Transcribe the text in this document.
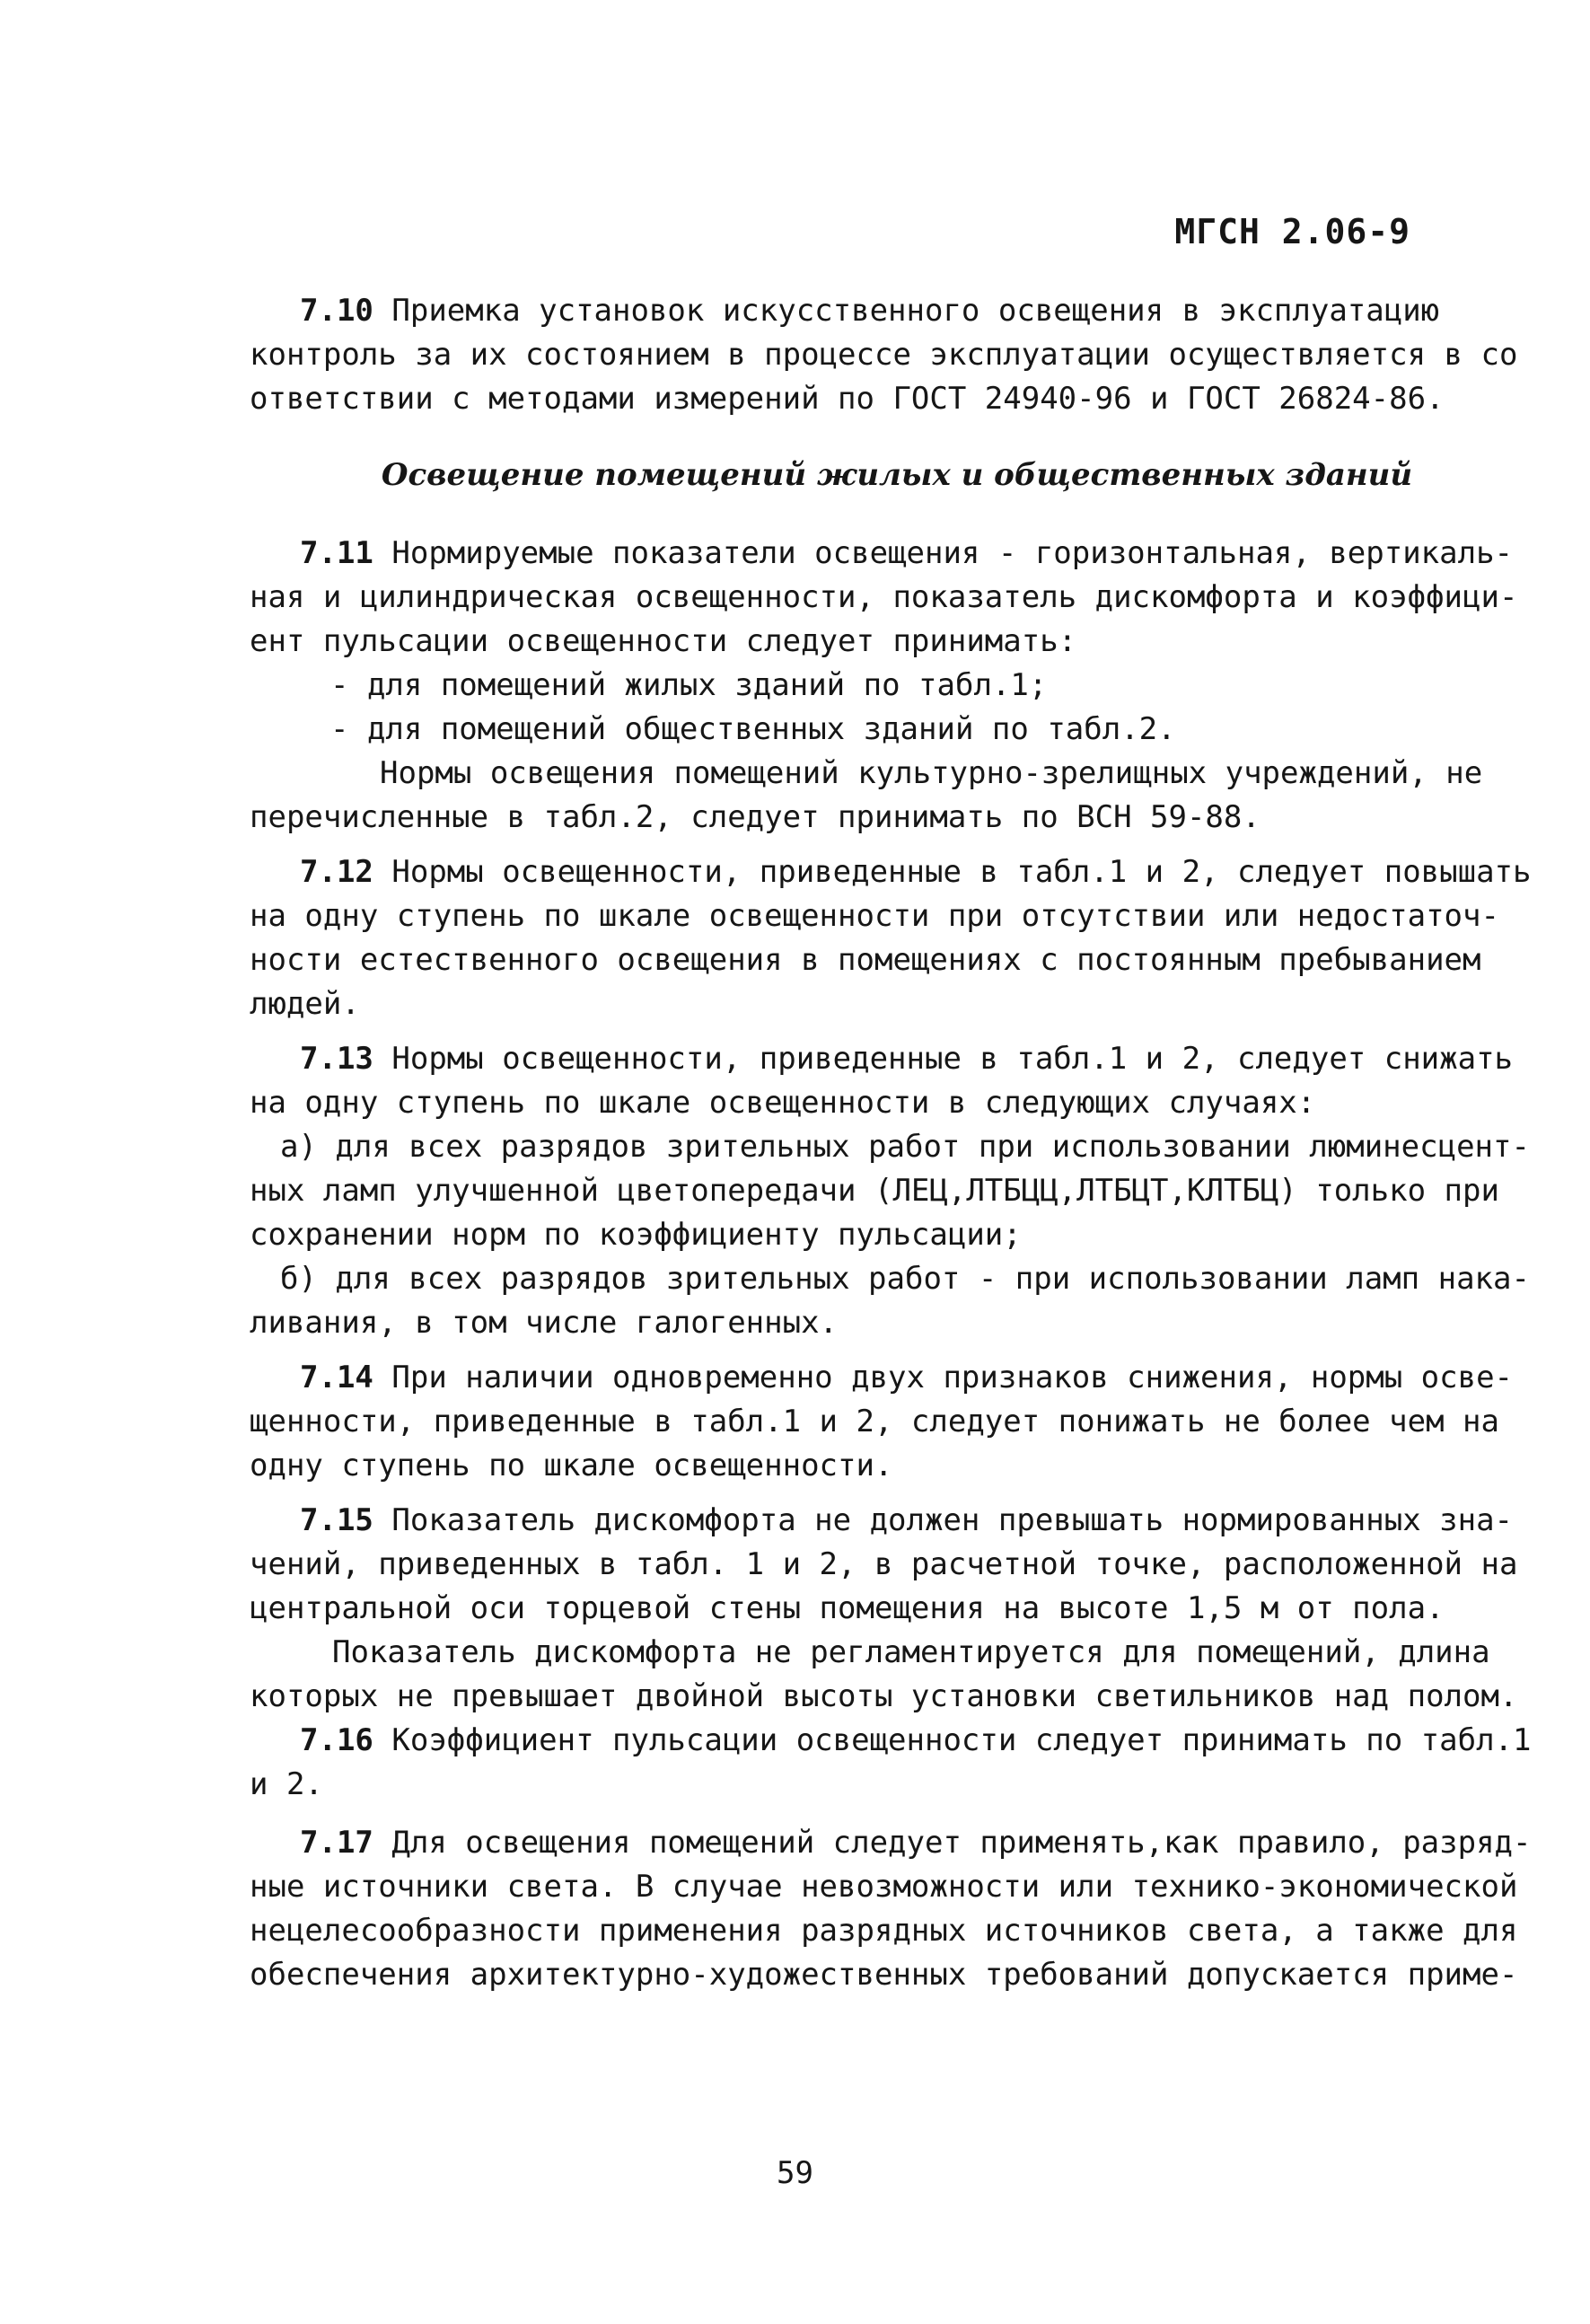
МГСН 2.06-9
7.10 Приемка установок искусственного освещения в эксплуатацию
контроль за их состоянием в процессе эксплуатации осуществляется в со
ответствии с методами измерений по ГОСТ 24940-96 и ГОСТ 26824-86.
Освещение помещений жилых и общественных зданий
7.11 Нормируемые показатели освещения - горизонтальная, вертикаль-
ная и цилиндрическая освещенности, показатель дискомфорта и коэффици-
ент пульсации освещенности следует принимать:
- для помещений жилых зданий по табл.1;
- для помещений общественных зданий по табл.2.
Нормы освещения помещений культурно-зрелищных учреждений, не
перечисленные в табл.2, следует принимать по ВСН 59-88.
7.12 Нормы освещенности, приведенные в табл.1 и 2, следует повышать
на одну ступень по шкале освещенности при отсутствии или недостаточ-
ности естественного освещения в помещениях с постоянным пребыванием
людей.
7.13 Нормы освещенности, приведенные в табл.1 и 2, следует снижать
на одну ступень по шкале освещенности в следующих случаях:
а) для всех разрядов зрительных работ при использовании люминесцент-
ных ламп улучшенной цветопередачи (ЛЕЦ,ЛТБЦЦ,ЛТБЦТ,КЛТБЦ) только при
сохранении норм по коэффициенту пульсации;
б) для всех разрядов зрительных работ - при использовании ламп нака-
ливания, в том числе галогенных.
7.14 При наличии одновременно двух признаков снижения, нормы осве-
щенности, приведенные в табл.1 и 2, следует понижать не более чем на
одну ступень по шкале освещенности.
7.15 Показатель дискомфорта не должен превышать нормированных зна-
чений, приведенных в табл. 1 и 2, в расчетной точке, расположенной на
центральной оси торцевой стены помещения на высоте 1,5 м от пола.
Показатель дискомфорта не регламентируется для помещений, длина
которых не превышает двойной высоты установки светильников над полом.
7.16 Коэффициент пульсации освещенности следует принимать по табл.1
и 2.
7.17 Для освещения помещений следует применять,как правило, разряд-
ные источники света. В случае невозможности или технико-экономической
нецелесообразности применения разрядных источников света, а также для
обеспечения архитектурно-художественных требований допускается приме-
59
